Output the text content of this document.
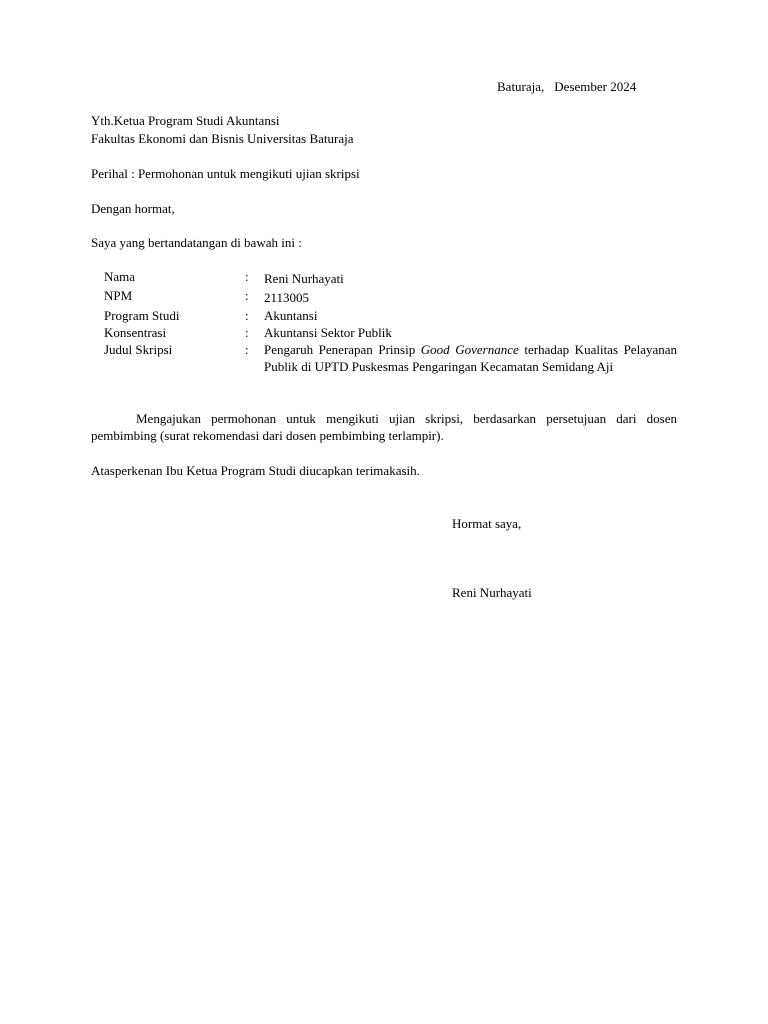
Baturaja, Desember 2024
Yth.Ketua Program Studi Akuntansi
Fakultas Ekonomi dan Bisnis Universitas Baturaja
Perihal : Permohonan untuk mengikuti ujian skripsi
Dengan hormat,
Saya yang bertandatangan di bawah ini :
Nama	: Reni Nurhayati
NPM	: 2113005
Program Studi	: Akuntansi
Konsentrasi	: Akuntansi Sektor Publik
Judul Skripsi	: Pengaruh Penerapan Prinsip Good Governance terhadap Kualitas Pelayanan Publik di UPTD Puskesmas Pengaringan Kecamatan Semidang Aji
Mengajukan permohonan untuk mengikuti ujian skripsi, berdasarkan persetujuan dari dosen pembimbing (surat rekomendasi dari dosen pembimbing terlampir).
Atasperkenan Ibu Ketua Program Studi diucapkan terimakasih.
Hormat saya,
Reni Nurhayati
